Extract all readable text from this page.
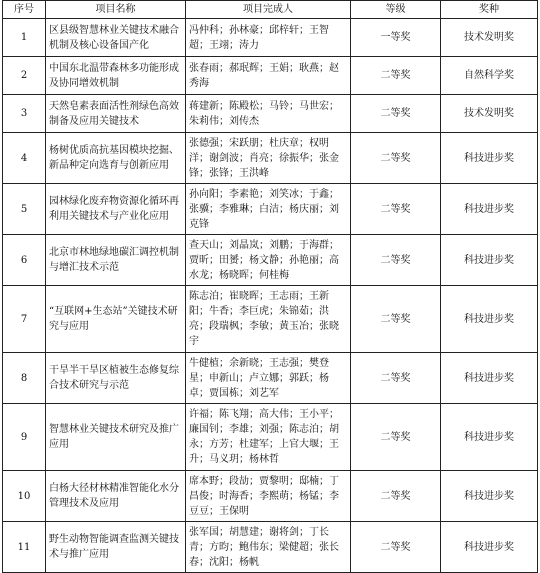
序号	项目名称	项目完成人	等级	奖种
1	区县级智慧林业关键技术融合机制及核心设备国产化	冯仲科；孙林豪；邱梓轩；王智超；王翊；涛力	一等奖	技术发明奖
2	中国东北温带森林多功能形成及协同增效机制	张春雨；郝珉辉；王娟；耿燕；赵秀海	二等奖	自然科学奖
3	天然皂素表面活性剂绿色高效制备及应用关键技术	蒋建新；陈殿松；马铃；马世宏；朱莉伟；刘传杰	二等奖	技术发明奖
4	杨树优质高抗基因模块挖掘、新品种定向选育与创新应用	张德强；宋跃朋；杜庆章；权明洋；谢剑波；肖亮；徐振华；张金锋；张锋；王洪峰	二等奖	科技进步奖
5	园林绿化废弃物资源化循环再利用关键技术与产业化应用	孙向阳；李素艳；刘笑冰；于鑫；张骥；李雅琳；白洁；杨庆丽；刘克锋	二等奖	科技进步奖
6	北京市林地绿地碳汇调控机制与增汇技术示范	查天山；刘晶岚；刘鹏；于海群；贾昕；田赟；杨文静；孙艳丽；高水龙；杨晓晖；何桂梅	二等奖	科技进步奖
7	“互联网+生态站”关键技术研究与应用	陈志泊；崔晓晖；王志雨；王新阳；牛香；李巨虎；朱锦茹；洪亮；段瑞枫；李敏；黄玉冶；张晓宇	二等奖	科技进步奖
8	干旱半干旱区植被生态修复综合技术研究与示范	牛健植；余新晓；王志强；樊登星；申新山；卢立娜；郭跃；杨卓；贾国栋；刘艺军	二等奖	科技进步奖
9	智慧林业关键技术研究及推广应用	许福；陈飞翔；高大伟；王小平；廉国钊；李雄；刘强；陈志泊；胡永；方芳；杜建军；上官大堰；王升；马义玥；杨林哲	二等奖	科技进步奖
10	白杨大径材林精准智能化水分管理技术及应用	席本野；段劼；贾黎明；邸楠；丁昌俊；时海香；李熙萌；杨锰；李豆豆；王保明	二等奖	科技进步奖
11	野生动物智能调查监测关键技术与推广应用	张军国；胡慧建；谢将剑；丁长青；方昀；鲍伟东；梁健超；张长春；沈阳；杨帆	二等奖	科技进步奖
